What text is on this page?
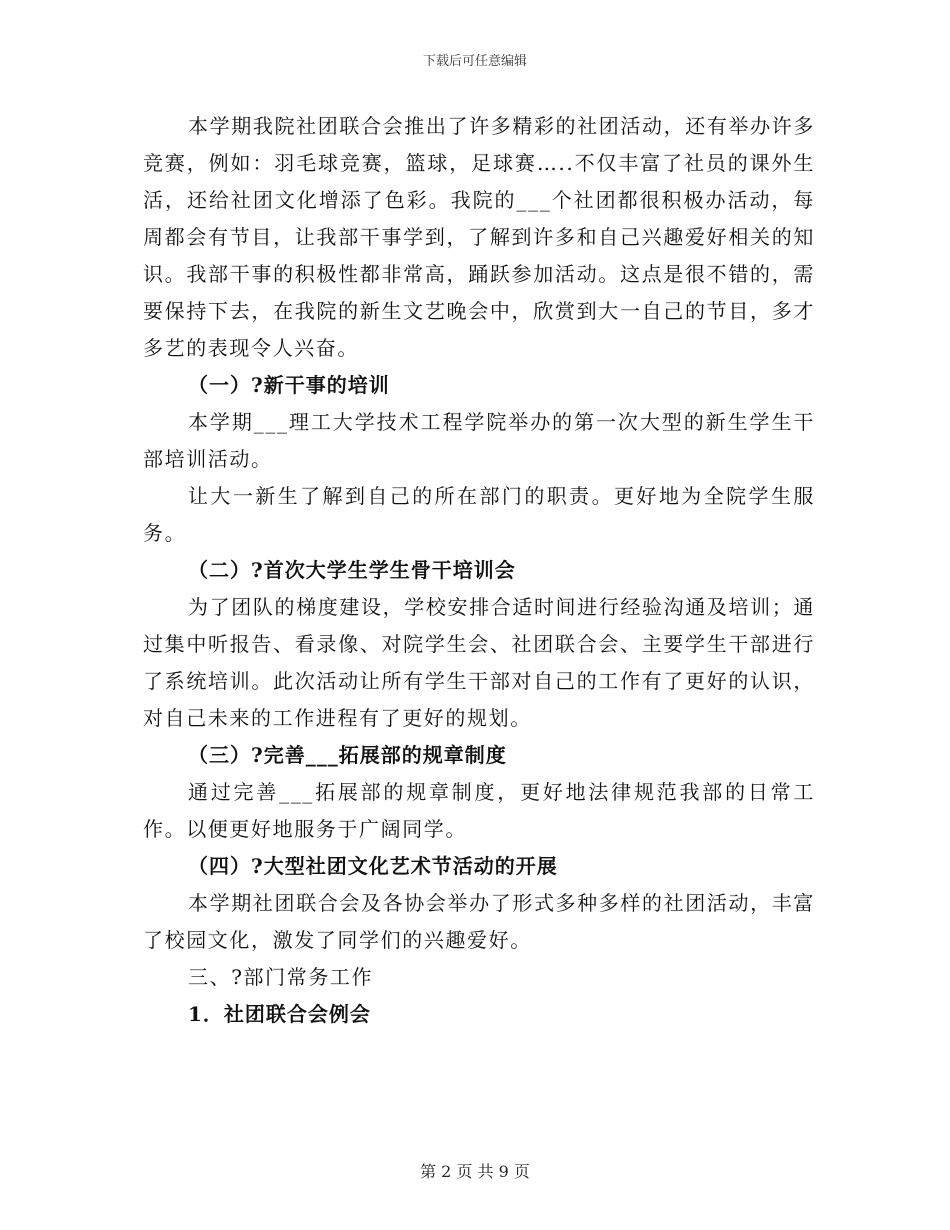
下载后可任意编辑

本学期我院社团联合会推出了许多精彩的社团活动，还有举办许多竞赛，例如：羽毛球竞赛，篮球，足球赛…..不仅丰富了社员的课外生活，还给社团文化增添了色彩。我院的___个社团都很积极办活动，每周都会有节目，让我部干事学到，了解到许多和自己兴趣爱好相关的知识。我部干事的积极性都非常高，踊跃参加活动。这点是很不错的，需要保持下去，在我院的新生文艺晚会中，欣赏到大一自己的节目，多才多艺的表现令人兴奋。

（一）?新干事的培训

本学期___理工大学技术工程学院举办的第一次大型的新生学生干部培训活动。

让大一新生了解到自己的所在部门的职责。更好地为全院学生服务。

（二）?首次大学生学生骨干培训会

为了团队的梯度建设，学校安排合适时间进行经验沟通及培训；通过集中听报告、看录像、对院学生会、社团联合会、主要学生干部进行了系统培训。此次活动让所有学生干部对自己的工作有了更好的认识，对自己未来的工作进程有了更好的规划。

（三）?完善___拓展部的规章制度

通过完善___拓展部的规章制度，更好地法律规范我部的日常工作。以便更好地服务于广阔同学。

（四）?大型社团文化艺术节活动的开展

本学期社团联合会及各协会举办了形式多种多样的社团活动，丰富了校园文化，激发了同学们的兴趣爱好。

三、?部门常务工作

1．社团联合会例会

第 2 页 共 9 页
